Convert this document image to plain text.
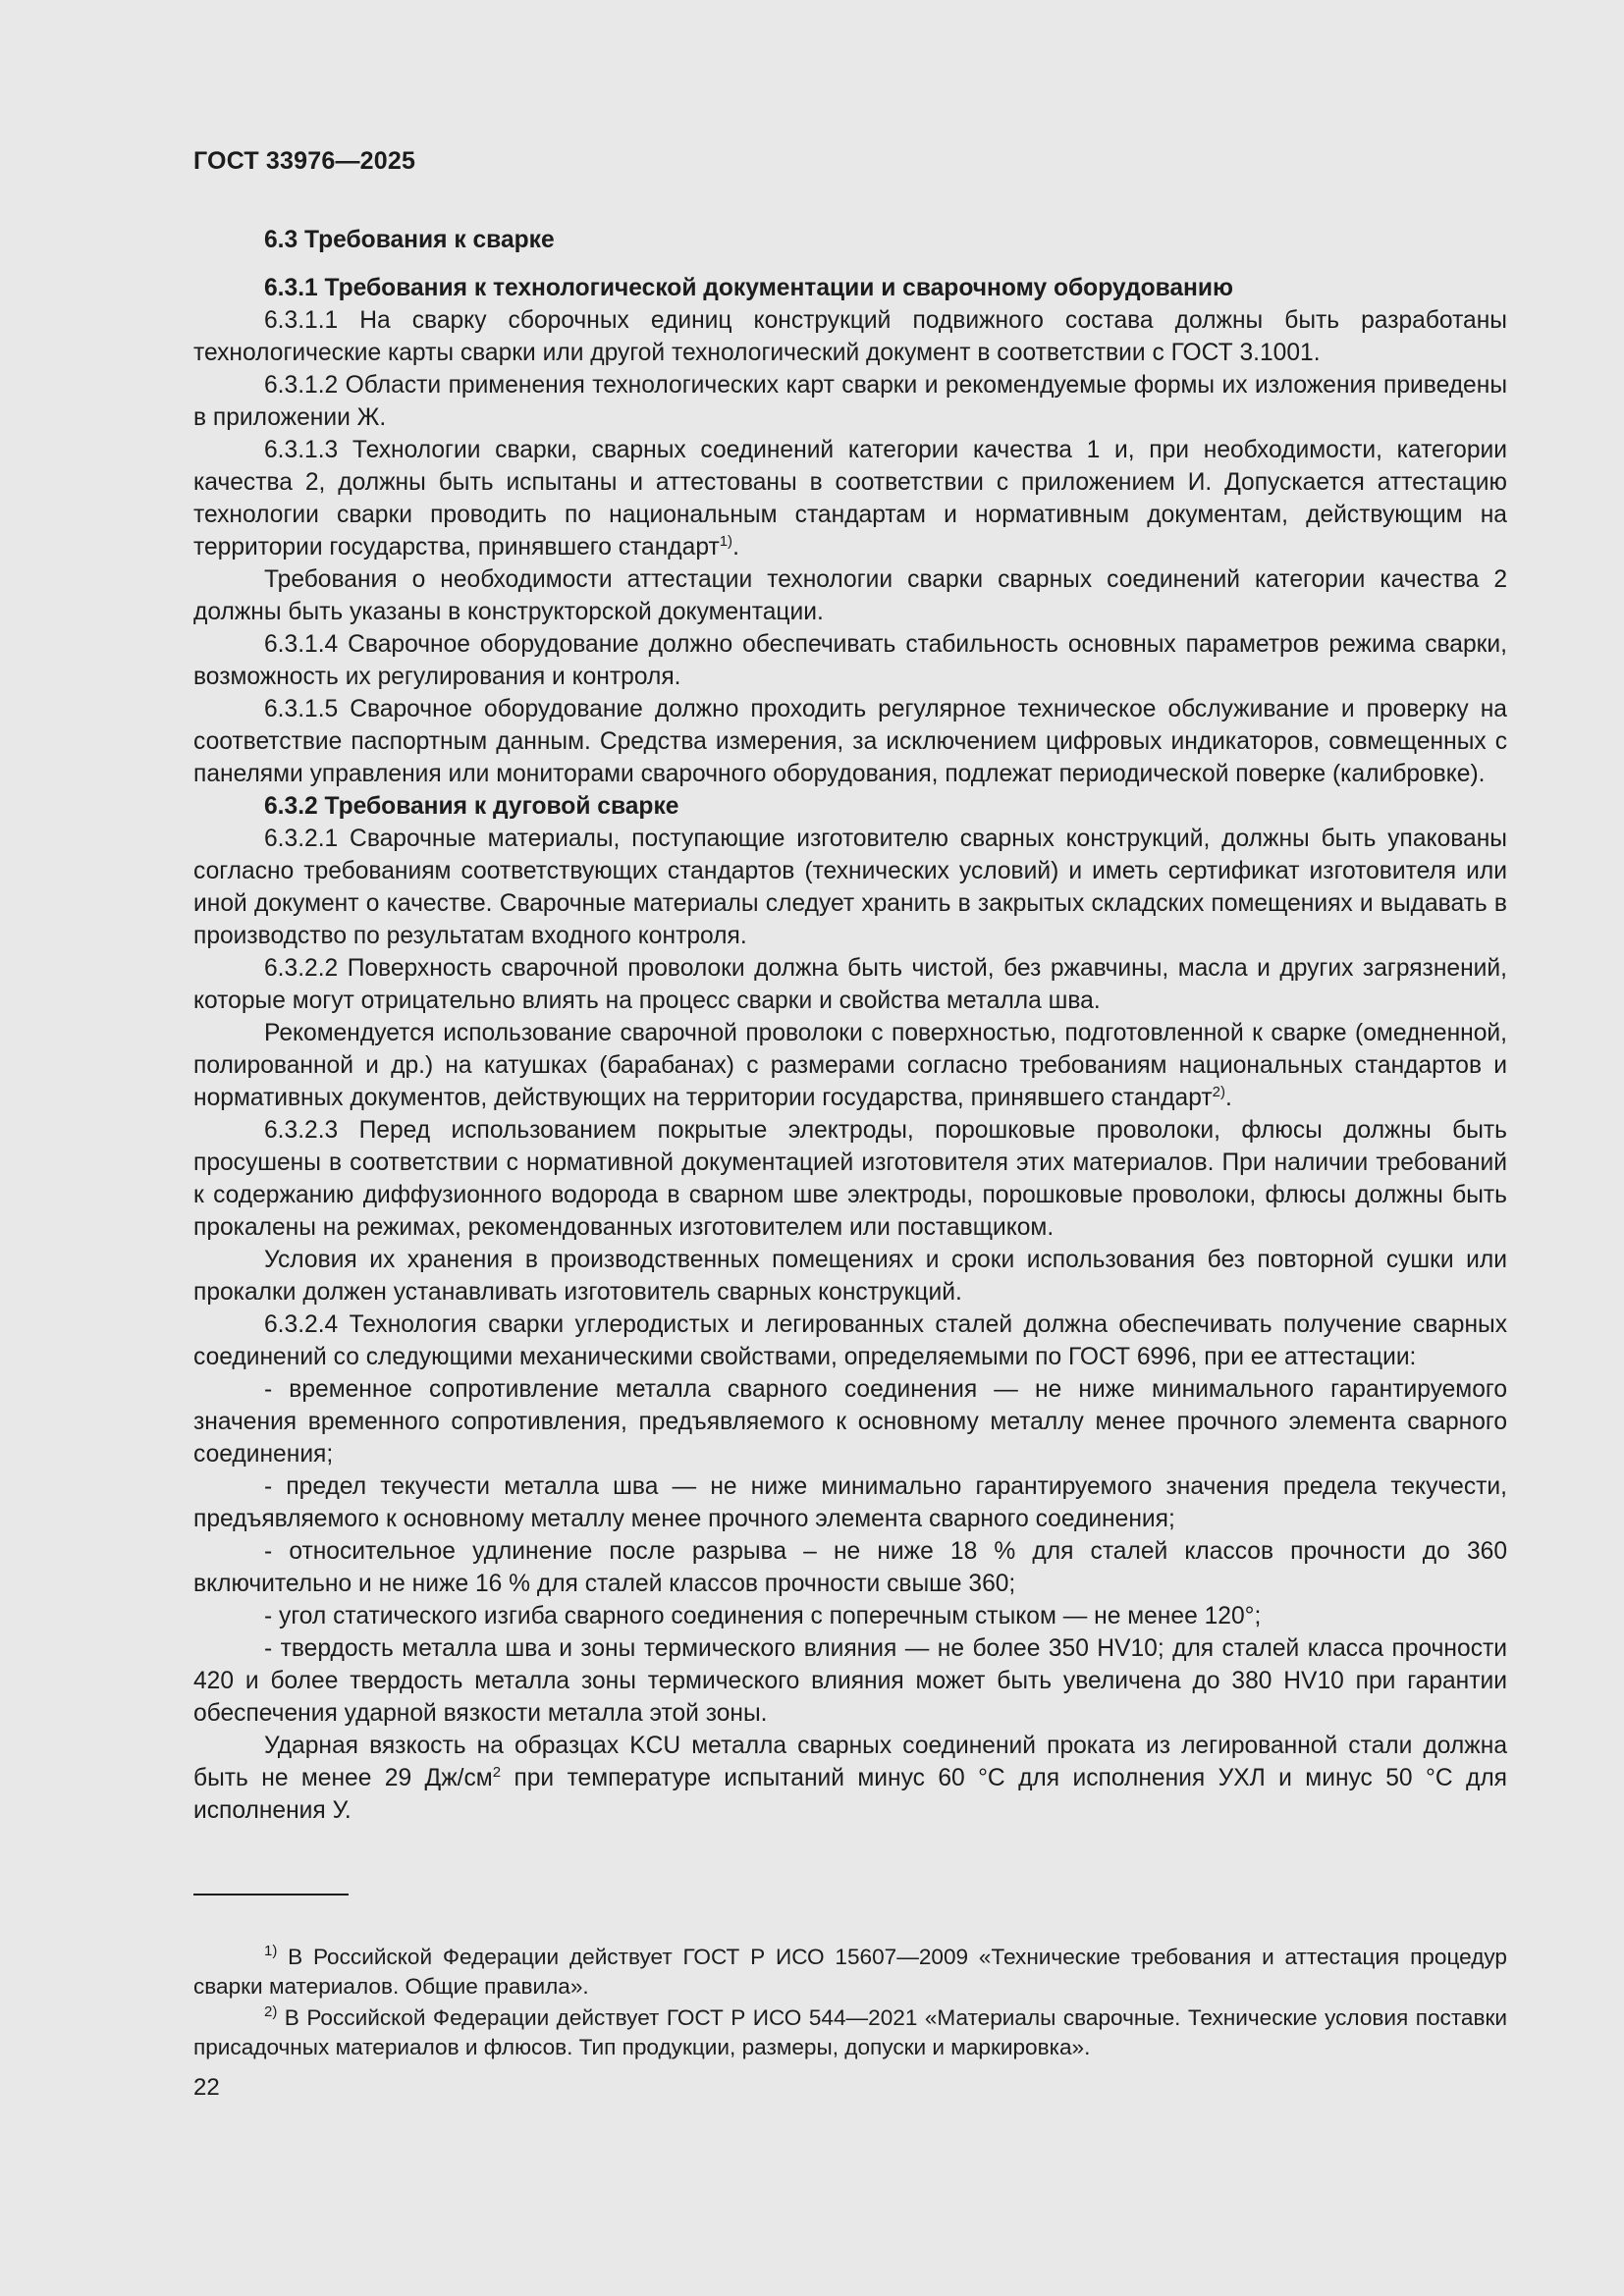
ГОСТ 33976—2025

6.3 Требования к сварке

6.3.1 Требования к технологической документации и сварочному оборудованию

6.3.1.1 На сварку сборочных единиц конструкций подвижного состава должны быть разработаны технологические карты сварки или другой технологический документ в соответствии с ГОСТ 3.1001.

6.3.1.2 Области применения технологических карт сварки и рекомендуемые формы их изложения приведены в приложении Ж.

6.3.1.3 Технологии сварки, сварных соединений категории качества 1 и, при необходимости, категории качества 2, должны быть испытаны и аттестованы в соответствии с приложением И. Допускается аттестацию технологии сварки проводить по национальным стандартам и нормативным документам, действующим на территории государства, принявшего стандарт$^{1)}$.

Требования о необходимости аттестации технологии сварки сварных соединений категории качества 2 должны быть указаны в конструкторской документации.

6.3.1.4 Сварочное оборудование должно обеспечивать стабильность основных параметров режима сварки, возможность их регулирования и контроля.

6.3.1.5 Сварочное оборудование должно проходить регулярное техническое обслуживание и проверку на соответствие паспортным данным. Средства измерения, за исключением цифровых индикаторов, совмещенных с панелями управления или мониторами сварочного оборудования, подлежат периодической поверке (калибровке).

6.3.2 Требования к дуговой сварке

6.3.2.1 Сварочные материалы, поступающие изготовителю сварных конструкций, должны быть упакованы согласно требованиям соответствующих стандартов (технических условий) и иметь сертификат изготовителя или иной документ о качестве. Сварочные материалы следует хранить в закрытых складских помещениях и выдавать в производство по результатам входного контроля.

6.3.2.2 Поверхность сварочной проволоки должна быть чистой, без ржавчины, масла и других загрязнений, которые могут отрицательно влиять на процесс сварки и свойства металла шва.

Рекомендуется использование сварочной проволоки с поверхностью, подготовленной к сварке (омедненной, полированной и др.) на катушках (барабанах) с размерами согласно требованиям национальных стандартов и нормативных документов, действующих на территории государства, принявшего стандарт$^{2)}$.

6.3.2.3 Перед использованием покрытые электроды, порошковые проволоки, флюсы должны быть просушены в соответствии с нормативной документацией изготовителя этих материалов. При наличии требований к содержанию диффузионного водорода в сварном шве электроды, порошковые проволоки, флюсы должны быть прокалены на режимах, рекомендованных изготовителем или поставщиком.

Условия их хранения в производственных помещениях и сроки использования без повторной сушки или прокалки должен устанавливать изготовитель сварных конструкций.

6.3.2.4 Технология сварки углеродистых и легированных сталей должна обеспечивать получение сварных соединений со следующими механическими свойствами, определяемыми по ГОСТ 6996, при ее аттестации:

- временное сопротивление металла сварного соединения — не ниже минимального гарантируемого значения временного сопротивления, предъявляемого к основному металлу менее прочного элемента сварного соединения;

- предел текучести металла шва — не ниже минимально гарантируемого значения предела текучести, предъявляемого к основному металлу менее прочного элемента сварного соединения;

- относительное удлинение после разрыва – не ниже 18 % для сталей классов прочности до 360 включительно и не ниже 16 % для сталей классов прочности свыше 360;

- угол статического изгиба сварного соединения с поперечным стыком — не менее 120°;

- твердость металла шва и зоны термического влияния — не более 350 HV10; для сталей класса прочности 420 и более твердость металла зоны термического влияния может быть увеличена до 380 HV10 при гарантии обеспечения ударной вязкости металла этой зоны.

Ударная вязкость на образцах KCU металла сварных соединений проката из легированной стали должна быть не менее 29 $Дж/см^2$ при температуре испытаний минус 60 °С для исполнения УХЛ и минус 50 °С для исполнения У.

$^{1)}$ В Российской Федерации действует ГОСТ Р ИСО 15607—2009 «Технические требования и аттестация процедур сварки материалов. Общие правила».

$^{2)}$ В Российской Федерации действует ГОСТ Р ИСО 544—2021 «Материалы сварочные. Технические условия поставки присадочных материалов и флюсов. Тип продукции, размеры, допуски и маркировка».

22
